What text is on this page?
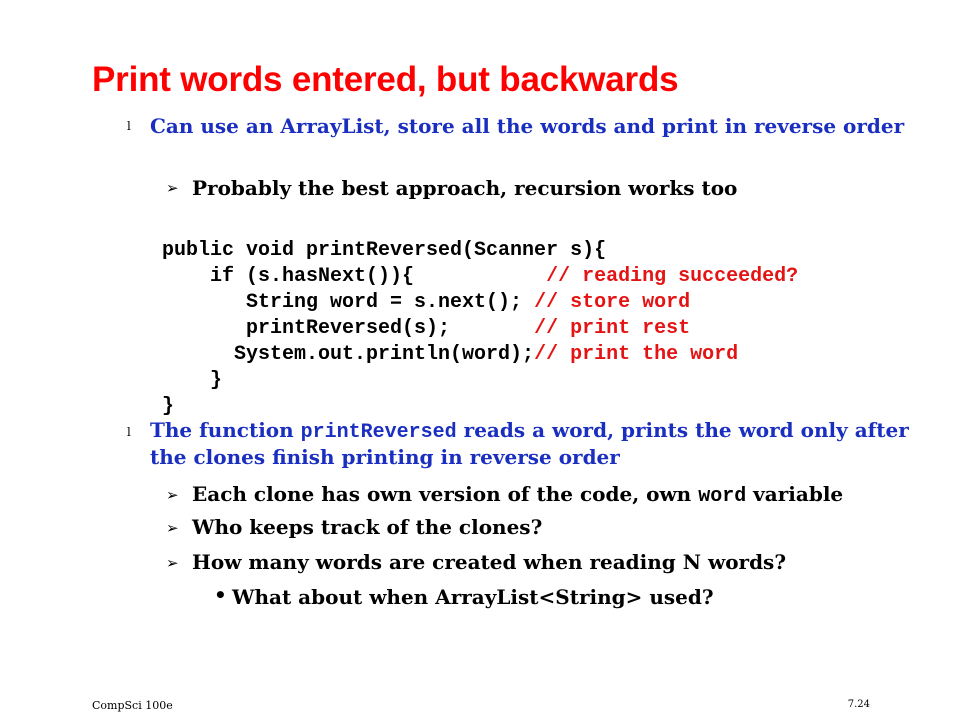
Print words entered, but backwards
l Can use an ArrayList, store all the words and print in reverse order
➢ Probably the best approach, recursion works too

public void printReversed(Scanner s){
if (s.hasNext()){           // reading succeeded?
String word = s.next(); // store word
printReversed(s);       // print rest
System.out.println(word);// print the word
}
}

l The function printReversed reads a word, prints the word only after the clones finish printing in reverse order
➢ Each clone has own version of the code, own word variable
➢ Who keeps track of the clones?
➢ How many words are created when reading N words?
• What about when ArrayList<String> used?
CompSci 100e	7.24
